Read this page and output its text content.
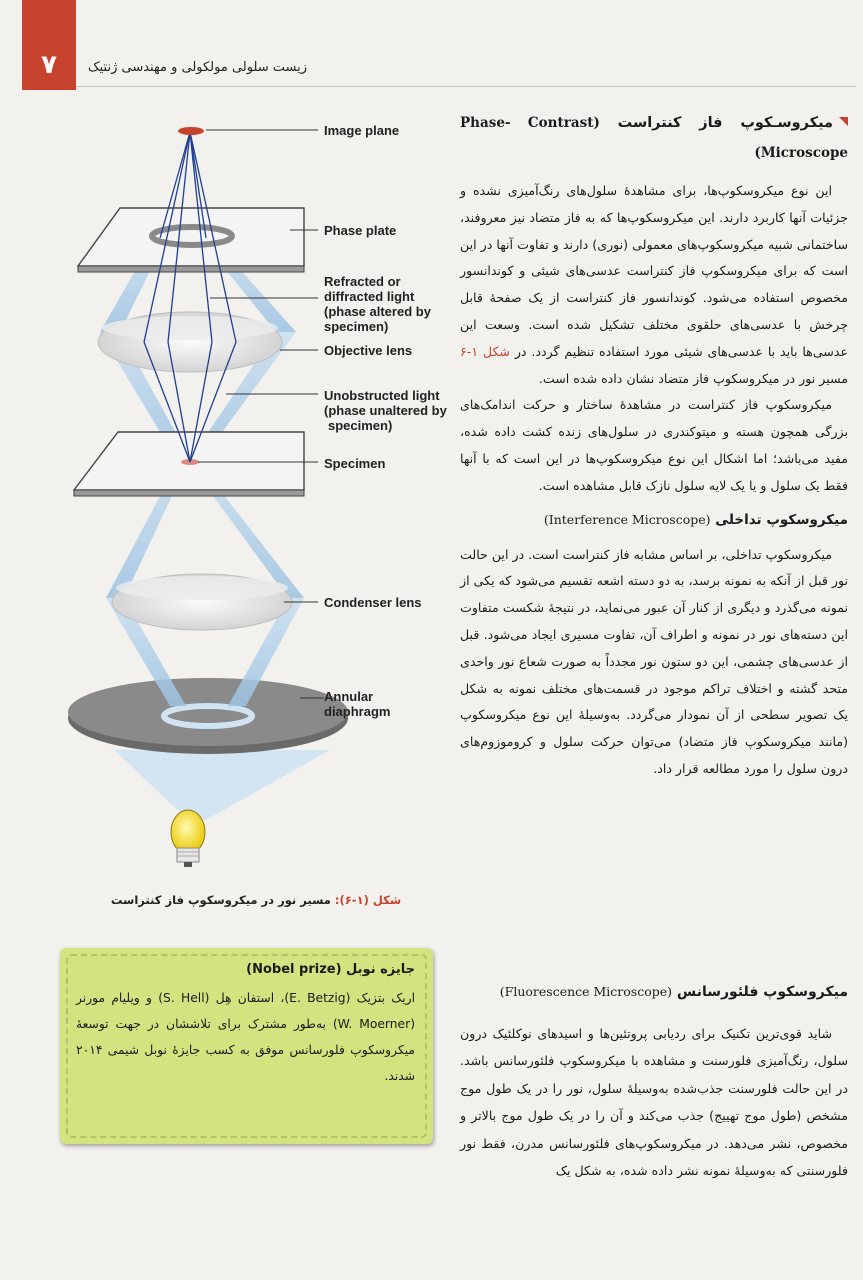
۷	زیست سلولی مولکولی و مهندسی ژنتیک
Image plane
Phase plate
Refracted or
diffracted light
(phase altered by
specimen)
Objective lens
Unobstructed light
(phase unaltered by
specimen)
Specimen
Condenser lens
Annular
diaphragm
شکل (۱-۶): مسیر نور در میکروسکوپ فاز کنتراست
جایزه نوبل (Nobel prize)

اریک بتزیک (E. Betzig)، استفان هِل (S. Hell) و ویلیام مورنر (W. Moerner) به‌طور مشترک برای تلاششان در جهت توسعهٔ میکروسکوپ فلورسانس موفق به کسب جایزهٔ نوبل شیمی ۲۰۱۴ شدند.

میکروسـکوپ فاز کنتراست (Phase- Contrast Microscope)

این نوع میکروسکوپ‌ها، برای مشاهدهٔ سلول‌های رنگ‌آمیزی نشده و جزئیات آنها کاربرد دارند. این میکروسکوپ‌ها که به فاز متضاد نیز معروفند، ساختمانی شبیه میکروسکوپ‌های معمولی (نوری) دارند و تفاوت آنها در این است که برای میکروسکوپ فاز کنتراست عدسی‌های شیئی و کوندانسور مخصوص استفاده می‌شود. کوندانسور فاز کنتراست از یک صفحهٔ قابل چرخش با عدسی‌های حلقوی مختلف تشکیل شده است. وسعت این عدسی‌ها باید با عدسی‌های شیئی مورد استفاده تنظیم گردد. در شکل ۱-۶ مسیر نور در میکروسکوپ فاز متضاد نشان داده شده است.

میکروسکوپ فاز کنتراست در مشاهدهٔ ساختار و حرکت اندامک‌های بزرگی همچون هسته و میتوکندری در سلول‌های زنده کشت داده شده، مفید می‌باشد؛ اما اشکال این نوع میکروسکوپ‌ها در این است که با آنها فقط یک سلول و یا یک لایه سلول نازک قابل مشاهده است.

میکروسکوپ تداخلی (Interference Microscope)

میکروسکوپ تداخلی، بر اساس مشابه فاز کنتراست است. در این حالت نور قبل از آنکه به نمونه برسد، به دو دسته اشعه تقسیم می‌شود که یکی از نمونه می‌گذرد و دیگری از کنار آن عبور می‌نماید، در نتیجهٔ شکست متفاوت این دسته‌های نور در نمونه و اطراف آن، تفاوت مسیری ایجاد می‌شود. قبل از عدسی‌های چشمی، این دو ستون نور مجدداً به صورت شعاع نور واحدی متحد گشته و اختلاف تراکم موجود در قسمت‌های مختلف نمونه به شکل یک تصویر سطحی از آن نمودار می‌گردد. به‌وسیلهٔ این نوع میکروسکوپ (مانند میکروسکوپ فاز متضاد) می‌توان حرکت سلول و کروموزوم‌های درون سلول را مورد مطالعه قرار داد.

میکروسکوپ فلئورسانس (Fluorescence Microscope)

شاید قوی‌ترین تکنیک برای ردیابی پروتئین‌ها و اسیدهای نوکلئیک درون سلول، رنگ‌آمیزی فلورسنت و مشاهده با میکروسکوپ فلئورسانس باشد. در این حالت فلورسنت جذب‌شده به‌وسیلهٔ سلول، نور را در یک طول موج مشخص (طول موج تهییج) جذب می‌کند و آن را در یک طول موج بالاتر و مخصوص، نشر می‌دهد. در میکروسکوپ‌های فلئورسانس مدرن، فقط نور فلورسنتی که به‌وسیلهٔ نمونه نشر داده شده، به شکل یک
